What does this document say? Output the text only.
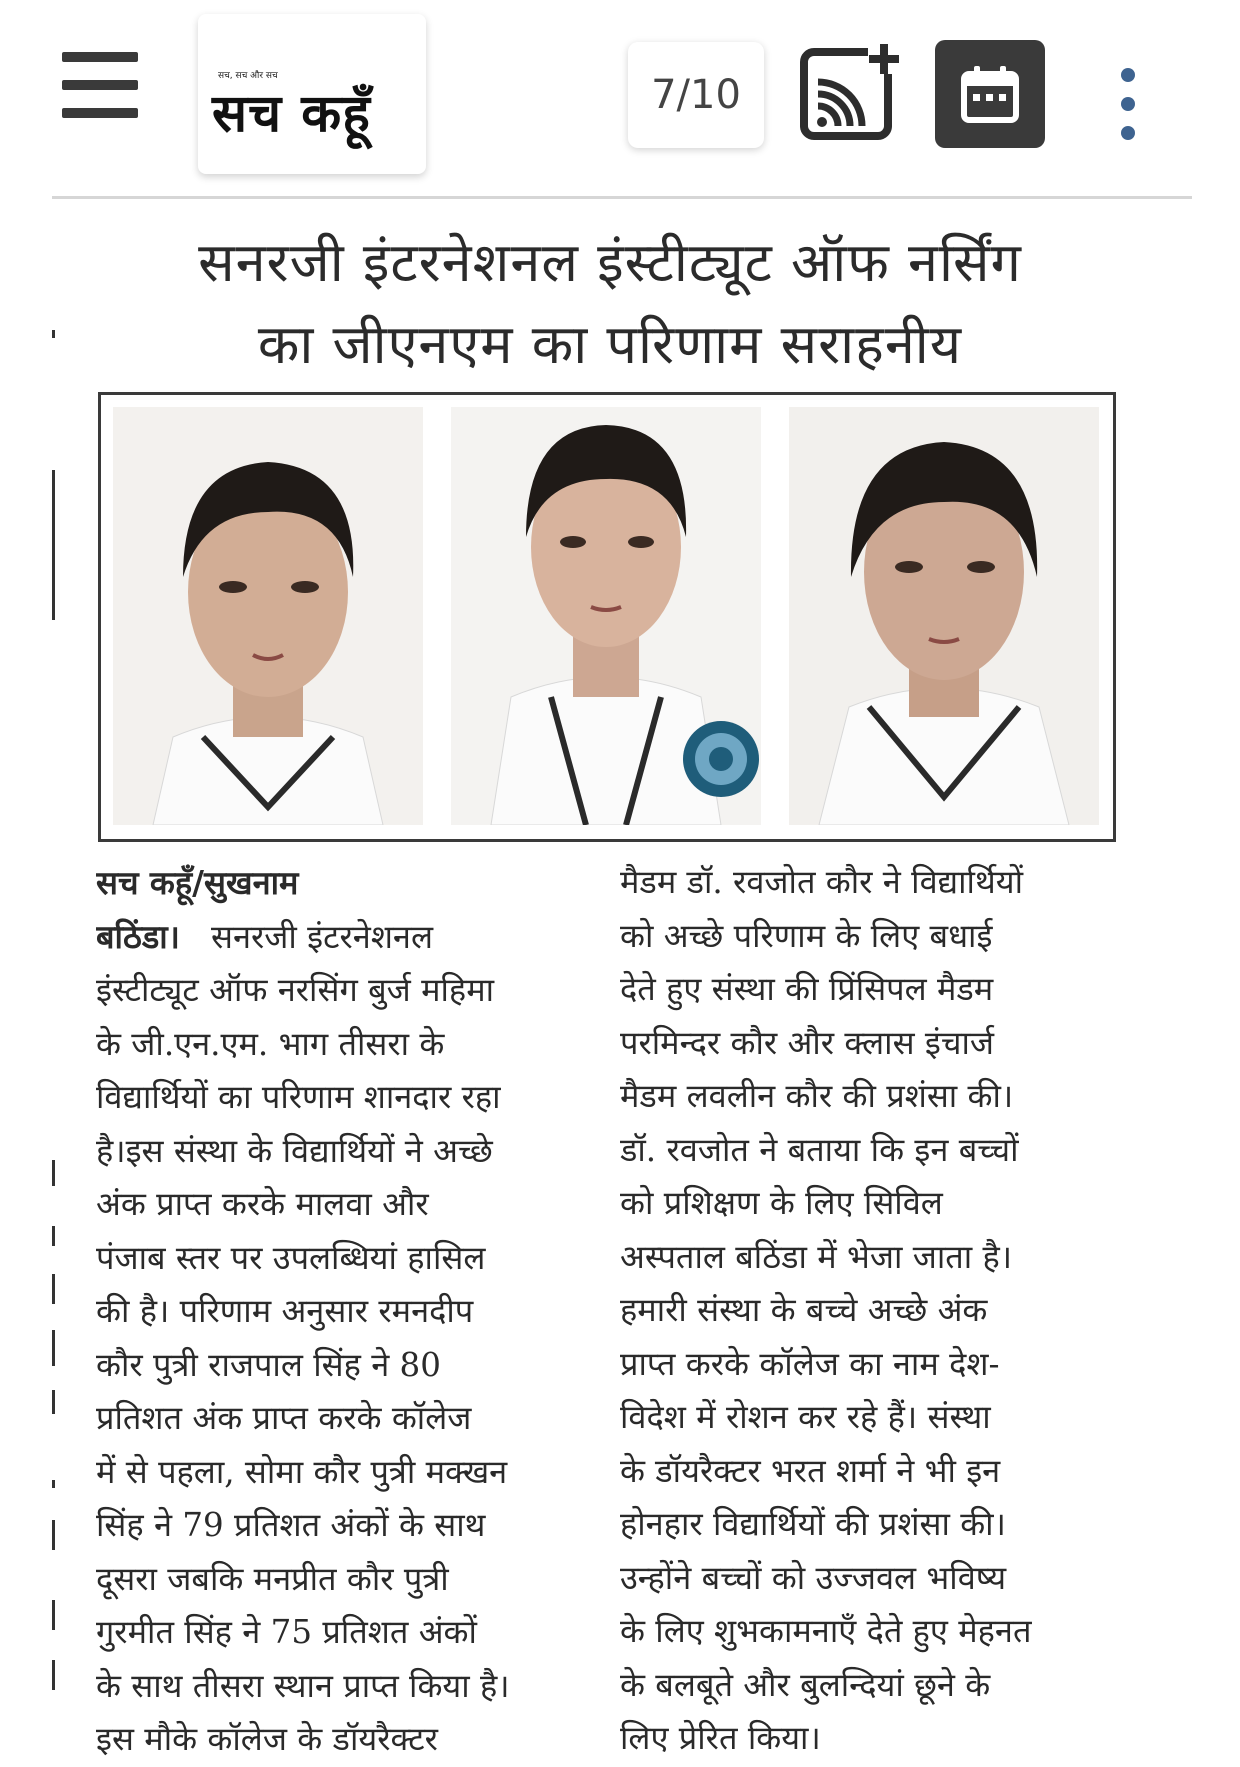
सच, सच और सच
सच कहूँ	7/10
सनरजी इंटरनेशनल इंस्टीट्यूट ऑफ नर्सिंग
का जीएनएम का परिणाम सराहनीय
सच कहूँ/सुखनाम
बठिंडा। सनरजी इंटरनेशनल
इंस्टीट्यूट ऑफ नरसिंग बुर्ज महिमा
के जी.एन.एम. भाग तीसरा के
विद्यार्थियों का परिणाम शानदार रहा
है।इस संस्था के विद्यार्थियों ने अच्छे
अंक प्राप्त करके मालवा और
पंजाब स्तर पर उपलब्धियां हासिल
की है। परिणाम अनुसार रमनदीप
कौर पुत्री राजपाल सिंह ने 80
प्रतिशत अंक प्राप्त करके कॉलेज
में से पहला, सोमा कौर पुत्री मक्खन
सिंह ने 79 प्रतिशत अंकों के साथ
दूसरा जबकि मनप्रीत कौर पुत्री
गुरमीत सिंह ने 75 प्रतिशत अंकों
के साथ तीसरा स्थान प्राप्त किया है।
इस मौके कॉलेज के डॉयरैक्टर
मैडम डॉ. रवजोत कौर ने विद्यार्थियों
को अच्छे परिणाम के लिए बधाई
देते हुए संस्था की प्रिंसिपल मैडम
परमिन्दर कौर और क्लास इंचार्ज
मैडम लवलीन कौर की प्रशंसा की।
डॉ. रवजोत ने बताया कि इन बच्चों
को प्रशिक्षण के लिए सिविल
अस्पताल बठिंडा में भेजा जाता है।
हमारी संस्था के बच्चे अच्छे अंक
प्राप्त करके कॉलेज का नाम देश-
विदेश में रोशन कर रहे हैं। संस्था
के डॉयरैक्टर भरत शर्मा ने भी इन
होनहार विद्यार्थियों की प्रशंसा की।
उन्होंने बच्चों को उज्जवल भविष्य
के लिए शुभकामनाएँ देते हुए मेहनत
के बलबूते और बुलन्दियां छूने के
लिए प्रेरित किया।
